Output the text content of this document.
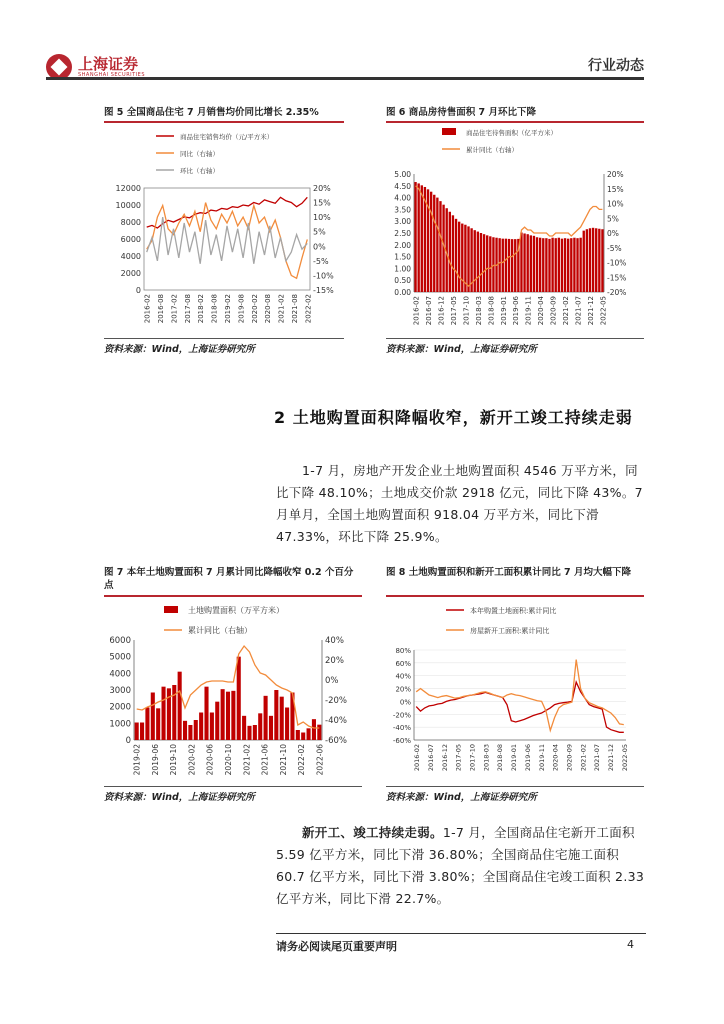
上海证券
SHANGHAI SECURITIES
行业动态
图 5 全国商品住宅 7 月销售均价同比增长 2.35%
商品住宅销售均价（元/平方米）
同比（右轴）
环比（右轴）
0
2000
4000
6000
8000
10000
12000
-15%
-10%
-5%
0%
5%
10%
15%
20%
2016-02 2016-08 2017-02 2017-08 2018-02 2018-08 2019-02 2019-08 2020-02 2020-08 2021-02 2021-08 2022-02
资料来源：Wind，上海证券研究所
图 6 商品房待售面积 7 月环比下降
商品住宅待售面积（亿平方米）
累计同比（右轴）
0.00
0.50
1.00
1.50
2.00
2.50
3.00
3.50
4.00
4.50
5.00
-20%
-15%
-10%
-5%
0%
5%
10%
15%
20%
2016-02 2016-07 2016-12 2017-05 2017-10 2018-03 2018-08 2019-01 2019-06 2019-11 2020-04 2020-09 2021-02 2021-07 2021-12 2022-05
资料来源：Wind，上海证券研究所
2 土地购置面积降幅收窄，新开工竣工持续走弱
1-7 月，房地产开发企业土地购置面积 4546 万平方米，同比下降 48.10%；土地成交价款 2918 亿元，同比下降 43%。7 月单月，全国土地购置面积 918.04 万平方米，同比下滑 47.33%，环比下降 25.9%。
图 7 本年土地购置面积 7 月累计同比降幅收窄 0.2 个百分点
土地购置面积（万平方米）
累计同比（右轴）
0
1000
2000
3000
4000
5000
6000
-60%
-40%
-20%
0%
20%
40%
2019-02 2019-06 2019-10 2020-02 2020-06 2020-10 2021-02 2021-06 2021-10 2022-02 2022-06
资料来源：Wind，上海证券研究所
图 8 土地购置面积和新开工面积累计同比 7 月均大幅下降
本年购置土地面积:累计同比
房屋新开工面积:累计同比
-60%
-40%
-20%
0%
20%
40%
60%
80%
2016-02 2016-07 2016-12 2017-05 2017-10 2018-03 2018-08 2019-01 2019-06 2019-11 2020-04 2020-09 2021-02 2021-07 2021-12 2022-05
资料来源：Wind，上海证券研究所
新开工、竣工持续走弱。1-7 月，全国商品住宅新开工面积 5.59 亿平方米，同比下滑 36.80%；全国商品住宅施工面积 60.7 亿平方米，同比下滑 3.80%；全国商品住宅竣工面积 2.33 亿平方米，同比下滑 22.7%。
请务必阅读尾页重要声明	4
